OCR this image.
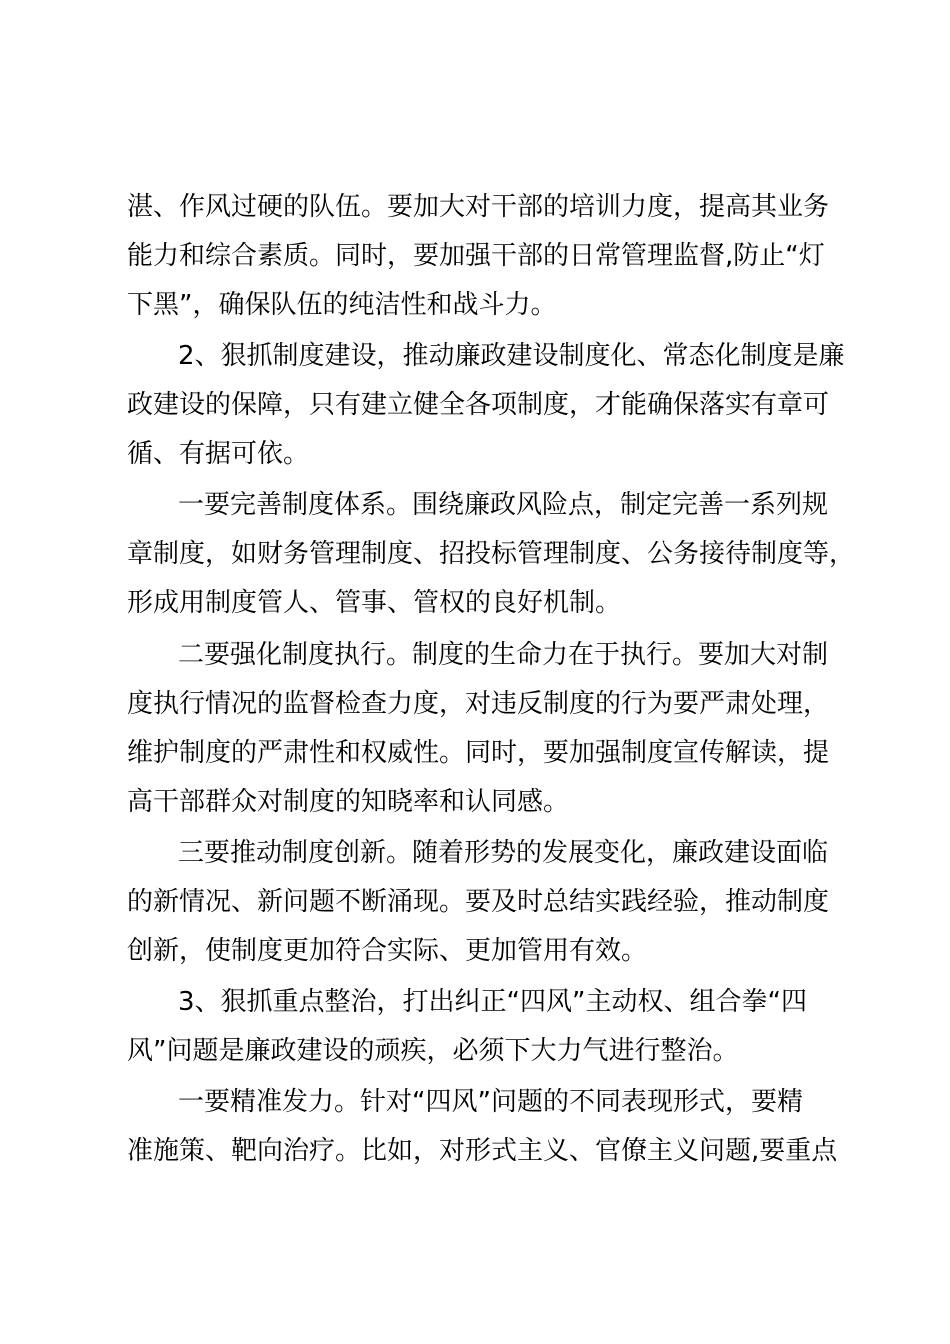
湛、作风过硬的队伍。要加大对干部的培训力度，提高其业务

能力和综合素质。同时，要加强干部的日常管理监督,防止“灯

下黑”，确保队伍的纯洁性和战斗力。

2、狠抓制度建设，推动廉政建设制度化、常态化制度是廉

政建设的保障，只有建立健全各项制度，才能确保落实有章可

循、有据可依。

一要完善制度体系。围绕廉政风险点，制定完善一系列规

章制度，如财务管理制度、招投标管理制度、公务接待制度等，

形成用制度管人、管事、管权的良好机制。

二要强化制度执行。制度的生命力在于执行。要加大对制

度执行情况的监督检查力度，对违反制度的行为要严肃处理，

维护制度的严肃性和权威性。同时，要加强制度宣传解读，提

高干部群众对制度的知晓率和认同感。

三要推动制度创新。随着形势的发展变化，廉政建设面临

的新情况、新问题不断涌现。要及时总结实践经验，推动制度

创新，使制度更加符合实际、更加管用有效。

3、狠抓重点整治，打出纠正“四风”主动权、组合拳“四

风”问题是廉政建设的顽疾，必须下大力气进行整治。

一要精准发力。针对“四风”问题的不同表现形式，要精

准施策、靶向治疗。比如，对形式主义、官僚主义问题,要重点
